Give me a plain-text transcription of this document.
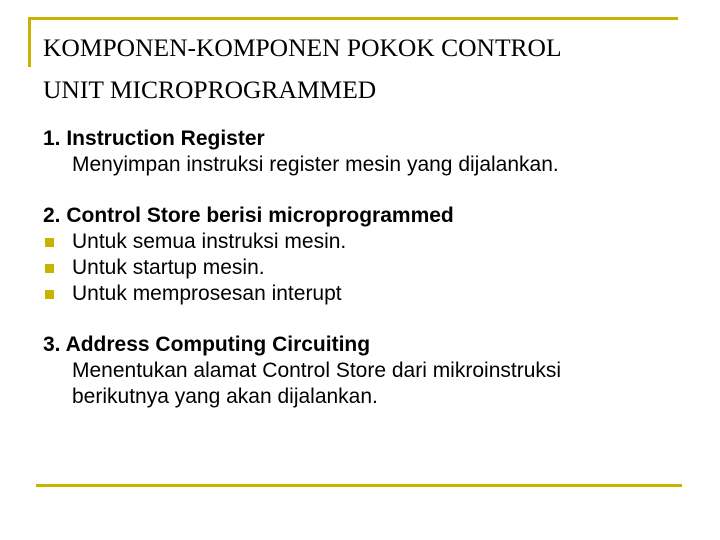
KOMPONEN-KOMPONEN POKOK CONTROL
UNIT MICROPROGRAMMED
1. Instruction Register
Menyimpan instruksi register mesin yang dijalankan.
2. Control Store berisi microprogrammed
Untuk semua instruksi mesin.
Untuk startup mesin.
Untuk memprosesan interupt
3. Address Computing Circuiting
Menentukan alamat Control Store dari mikroinstruksi
berikutnya yang akan dijalankan.
